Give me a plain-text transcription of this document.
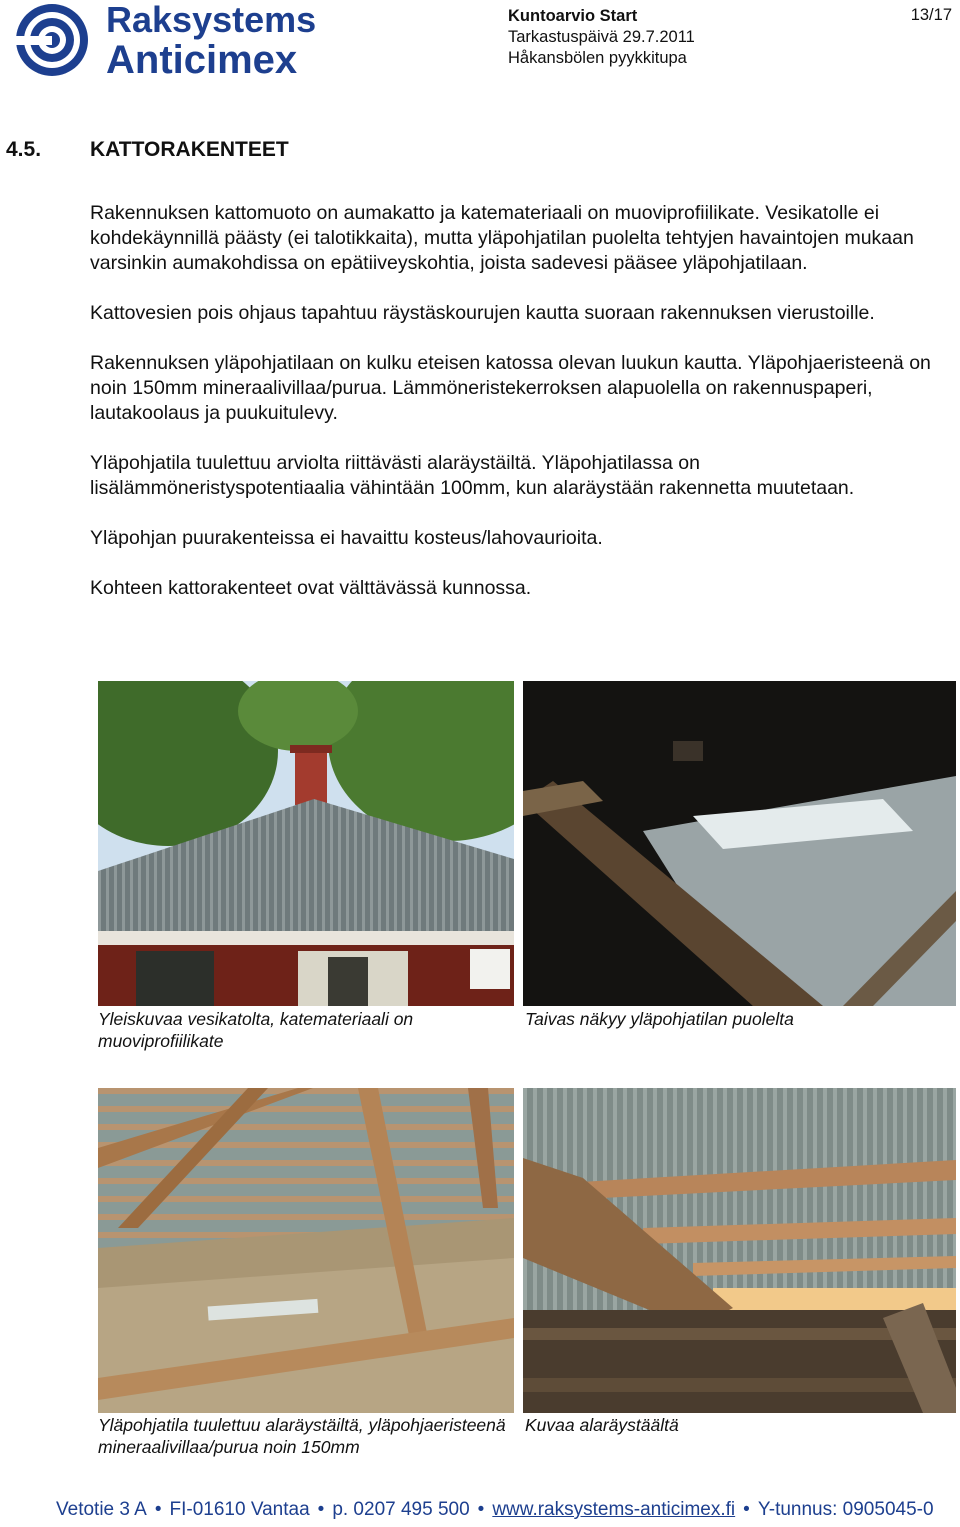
Raksystems
Anticimex
Kuntoarvio Start
Tarkastuspäivä 29.7.2011
Håkansbölen pyykkitupa
13/17
4.5. KATTORAKENTEET

Rakennuksen kattomuoto on aumakatto ja katemateriaali on muoviprofiilikate. Vesikatolle ei kohdekäynnillä päästy (ei talotikkaita), mutta yläpohjatilan puolelta tehtyjen havaintojen mukaan varsinkin aumakohdissa on epätiiveyskohtia, joista sadevesi pääsee yläpohjatilaan.

Kattovesien pois ohjaus tapahtuu räystäskourujen kautta suoraan rakennuksen vierustoille.

Rakennuksen yläpohjatilaan on kulku eteisen katossa olevan luukun kautta. Yläpohjaeristeenä on noin 150mm mineraalivillaa/purua. Lämmöneristekerroksen alapuolella on rakennuspaperi, lautakoolaus ja puukuitulevy.

Yläpohjatila tuulettuu arviolta riittävästi alaräystäiltä. Yläpohjatilassa on lisälämmöneristyspotentiaalia vähintään 100mm, kun alaräystään rakennetta muutetaan.

Yläpohjan puurakenteissa ei havaittu kosteus/lahovaurioita.

Kohteen kattorakenteet ovat välttävässä kunnossa.

Yleiskuvaa vesikatolta, katemateriaali on muoviprofiilikate
Taivas näkyy yläpohjatilan puolelta
Yläpohjatila tuulettuu alaräystäiltä, yläpohjaeristeenä mineraalivillaa/purua noin 150mm
Kuvaa alaräystäältä
Vetotie 3 A • FI-01610 Vantaa • p. 0207 495 500 • www.raksystems-anticimex.fi • Y-tunnus: 0905045-0
